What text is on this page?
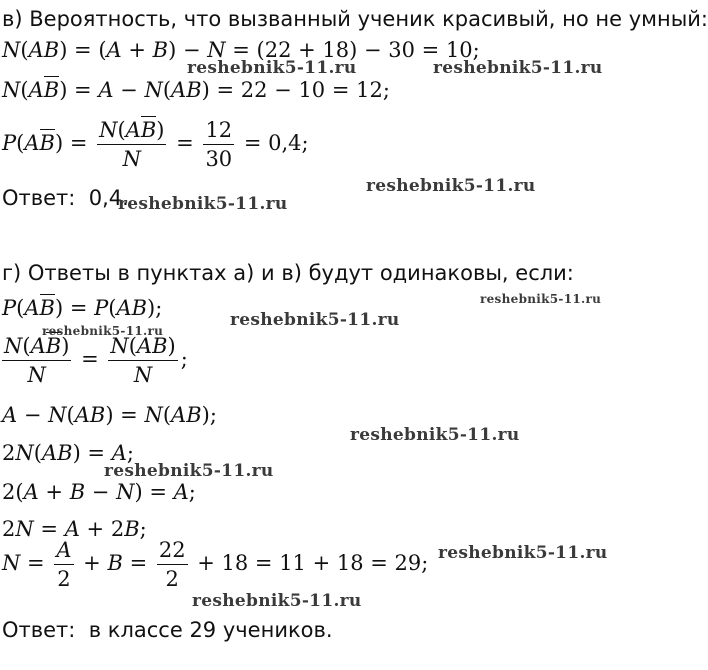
в) Вероятность, что вызванный ученик красивый, но не умный:
N(AB) = (A + B) − N = (22 + 18) − 30 = 10;
N(AB) = A − N(AB) = 22 − 10 = 12;
$P(AB) = \frac{N(AB)}{N} = \frac{12}{30} = 0,4$;
Ответ: 0,4.
г) Ответы в пунктах а) и в) будут одинаковы, если:
P(AB) = P(AB);
$\frac{N(AB)}{N} = \frac{N(AB)}{N}$ ;
A − N(AB) = N(AB);
2N(AB) = A;
2(A + B − N) = A;
2N = A + 2B;
$N = \frac{A}{2} + B = \frac{22}{2} + 18 = 11 + 18 = 29$;
Ответ: в классе 29 учеников.
reshebnik5-11.ru	reshebnik5-11.ru
reshebnik5-11.ru
reshebnik5-11.ru
reshebnik5-11.ru
reshebnik5-11.ru
reshebnik5-11.ru
reshebnik5-11.ru
reshebnik5-11.ru
reshebnik5-11.ru
reshebnik5-11.ru
